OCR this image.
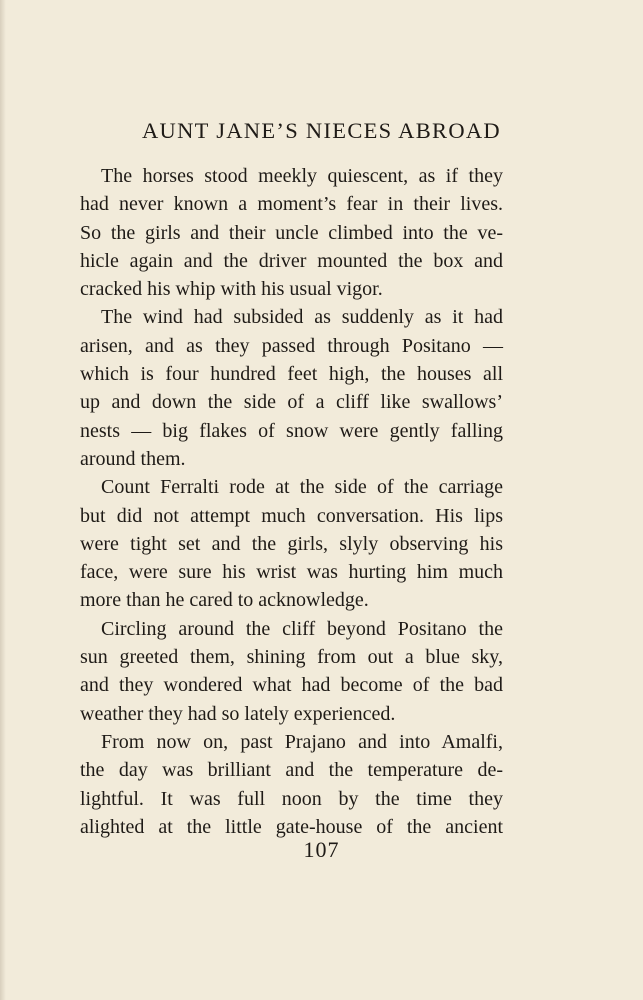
AUNT JANE’S NIECES ABROAD
The horses stood meekly quiescent, as if they
had never known a moment’s fear in their lives.
So the girls and their uncle climbed into the ve-
hicle again and the driver mounted the box and
cracked his whip with his usual vigor.
The wind had subsided as suddenly as it had
arisen, and as they passed through Positano —
which is four hundred feet high, the houses all
up and down the side of a cliff like swallows’
nests — big flakes of snow were gently falling
around them.
Count Ferralti rode at the side of the carriage
but did not attempt much conversation. His lips
were tight set and the girls, slyly observing his
face, were sure his wrist was hurting him much
more than he cared to acknowledge.
Circling around the cliff beyond Positano the
sun greeted them, shining from out a blue sky,
and they wondered what had become of the bad
weather they had so lately experienced.
From now on, past Prajano and into Amalfi,
the day was brilliant and the temperature de-
lightful. It was full noon by the time they
alighted at the little gate-house of the ancient
107
